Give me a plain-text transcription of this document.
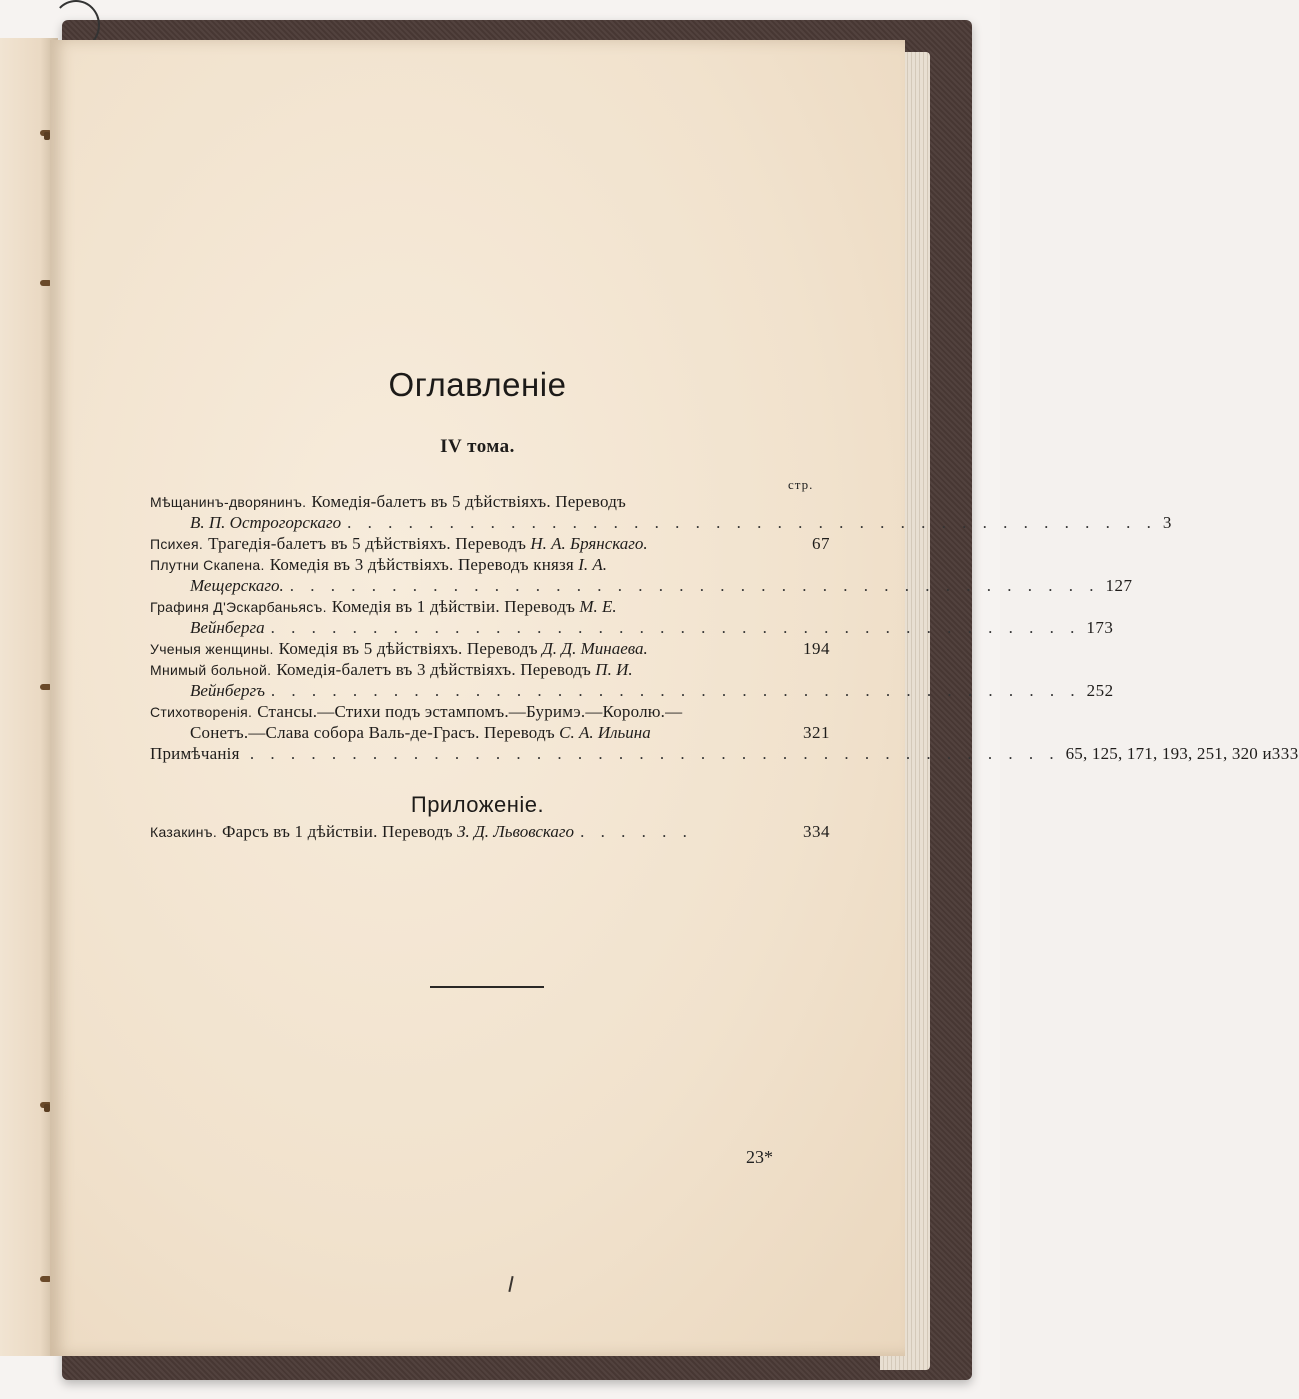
Оглавленіе
IV тома.
стр.
Мѣщанинъ-дворянинъ. Комедія-балетъ въ 5 дѣйствіяхъ. Переводъ

В. П. Острогорскаго . . . . . . . . . . . . . . . . . . . . . . . . . . . . . . . . . . . . . . . . 3
Психея. Трагедія-балетъ въ 5 дѣйствіяхъ. Переводъ
Н. А. Брянскаго.	67
Плутни Скапена. Комедія въ 3 дѣйствіяхъ. Переводъ князя
I. А.
Мещерскаго. . . . . . . . . . . . . . . . . . . . . . . . . . . . . . . . . . . . . . . . . 127
Графиня Д'Эскарбаньясъ. Комедія въ 1 дѣйствіи. Переводъ
М. Е.
Вейнберга . . . . . . . . . . . . . . . . . . . . . . . . . . . . . . . . . . . . . . . . 173
Ученыя женщины. Комедія въ 5 дѣйствіяхъ. Переводъ
Д. Д. Минаева.	194
Мнимый больной. Комедія-балетъ въ 3 дѣйствіяхъ. Переводъ
П. И.
Вейнбергъ . . . . . . . . . . . . . . . . . . . . . . . . . . . . . . . . . . . . . . . . 252
Стихотворенія. Стансы.—Стихи подъ эстампомъ.—Буримэ.—Королю.—

Сонетъ.—Слава собора Валь-де-Грасъ. Переводъ
С. А. Ильина	321
Примѣчанія
. . . . . . . . . . . . . . . . . . . . . . . . . . . . . . . . . . . . . . . . 65, 125, 171, 193, 251, 320 и 333
Приложеніе.
Казакинъ. Фарсъ въ 1 дѣйствіи. Переводъ
З. Д. Львовскаго . . . . . .	334
23*
